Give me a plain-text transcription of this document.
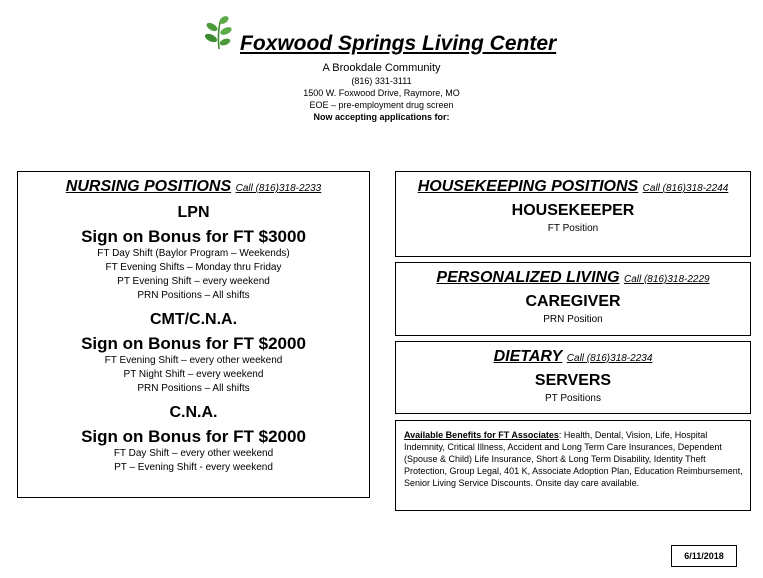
Foxwood Springs Living Center
A Brookdale Community
(816) 331-3111
1500 W. Foxwood Drive, Raymore, MO
EOE – pre-employment drug screen
Now accepting applications for:
NURSING POSITIONS Call (816)318-2233
LPN
Sign on Bonus for FT $3000
FT Day Shift (Baylor Program – Weekends)
FT Evening Shifts – Monday thru Friday
PT Evening Shift – every weekend
PRN Positions – All shifts
CMT/C.N.A.
Sign on Bonus for FT $2000
FT Evening Shift – every other weekend
PT Night Shift – every weekend
PRN Positions – All shifts
C.N.A.
Sign on Bonus for FT $2000
FT Day Shift – every other weekend
PT – Evening Shift - every weekend
HOUSEKEEPING POSITIONS Call (816)318-2244
HOUSEKEEPER
FT Position
PERSONALIZED LIVING Call (816)318-2229
CAREGIVER
PRN Position
DIETARY Call (816)318-2234
SERVERS
PT Positions
Available Benefits for FT Associates: Health, Dental, Vision, Life, Hospital Indemnity, Critical Illness, Accident and Long Term Care Insurances, Dependent (Spouse & Child) Life Insurance, Short & Long Term Disability, Identity Theft Protection, Group Legal, 401 K, Associate Adoption Plan, Education Reimbursement, Senior Living Service Discounts. Onsite day care available.
6/11/2018
